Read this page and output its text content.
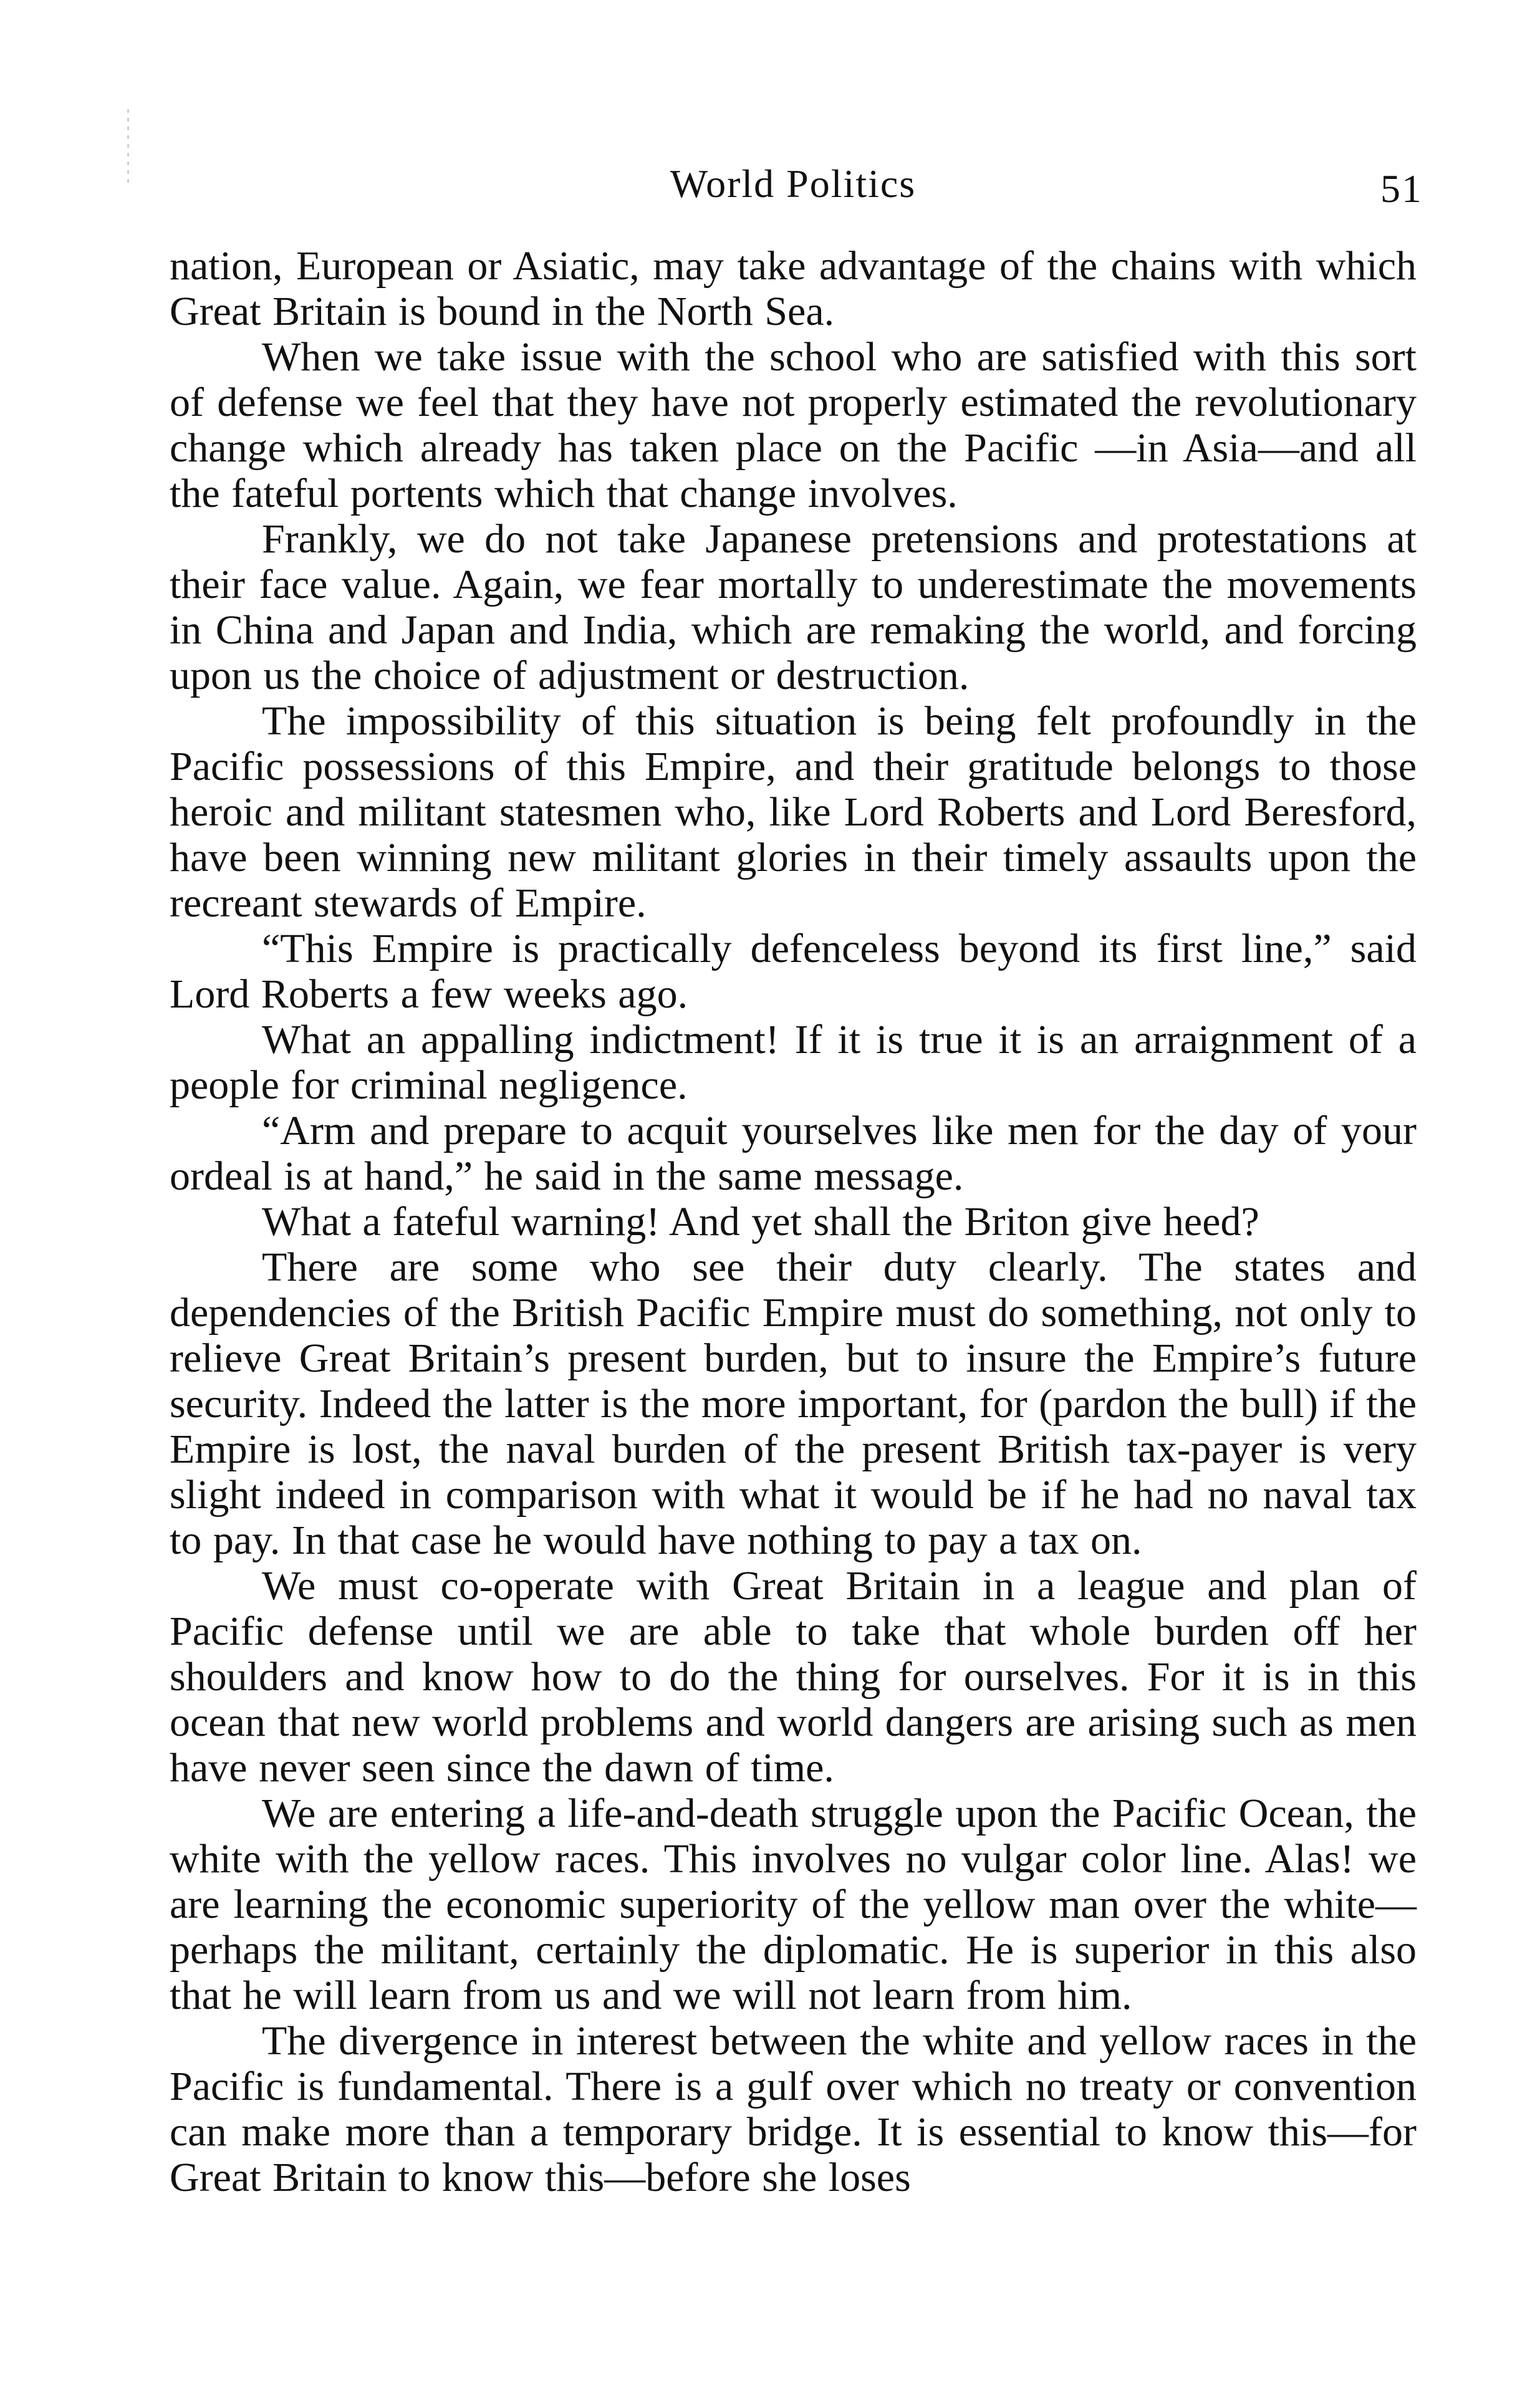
World Politics	51

nation, European or Asiatic, may take advantage of the chains with which Great Britain is bound in the North Sea.

When we take issue with the school who are satisfied with this sort of defense we feel that they have not properly estimated the revolutionary change which already has taken place on the Pacific —in Asia—and all the fateful portents which that change involves.

Frankly, we do not take Japanese pretensions and protestations at their face value. Again, we fear mortally to underestimate the movements in China and Japan and India, which are remaking the world, and forcing upon us the choice of adjustment or destruction.

The impossibility of this situation is being felt profoundly in the Pacific possessions of this Empire, and their gratitude belongs to those heroic and militant statesmen who, like Lord Roberts and Lord Beresford, have been winning new militant glories in their timely assaults upon the recreant stewards of Empire.

“This Empire is practically defenceless beyond its first line,” said Lord Roberts a few weeks ago.

What an appalling indictment! If it is true it is an arraignment of a people for criminal negligence.

“Arm and prepare to acquit yourselves like men for the day of your ordeal is at hand,” he said in the same message.

What a fateful warning! And yet shall the Briton give heed?

There are some who see their duty clearly. The states and dependencies of the British Pacific Empire must do something, not only to relieve Great Britain’s present burden, but to insure the Empire’s future security. Indeed the latter is the more important, for (pardon the bull) if the Empire is lost, the naval burden of the present British tax-payer is very slight indeed in comparison with what it would be if he had no naval tax to pay. In that case he would have nothing to pay a tax on.

We must co-operate with Great Britain in a league and plan of Pacific defense until we are able to take that whole burden off her shoulders and know how to do the thing for ourselves. For it is in this ocean that new world problems and world dangers are arising such as men have never seen since the dawn of time.

We are entering a life-and-death struggle upon the Pacific Ocean, the white with the yellow races. This involves no vulgar color line. Alas! we are learning the economic superiority of the yellow man over the white—perhaps the militant, certainly the diplomatic. He is superior in this also that he will learn from us and we will not learn from him.

The divergence in interest between the white and yellow races in the Pacific is fundamental. There is a gulf over which no treaty or convention can make more than a temporary bridge. It is essential to know this—for Great Britain to know this—before she loses
